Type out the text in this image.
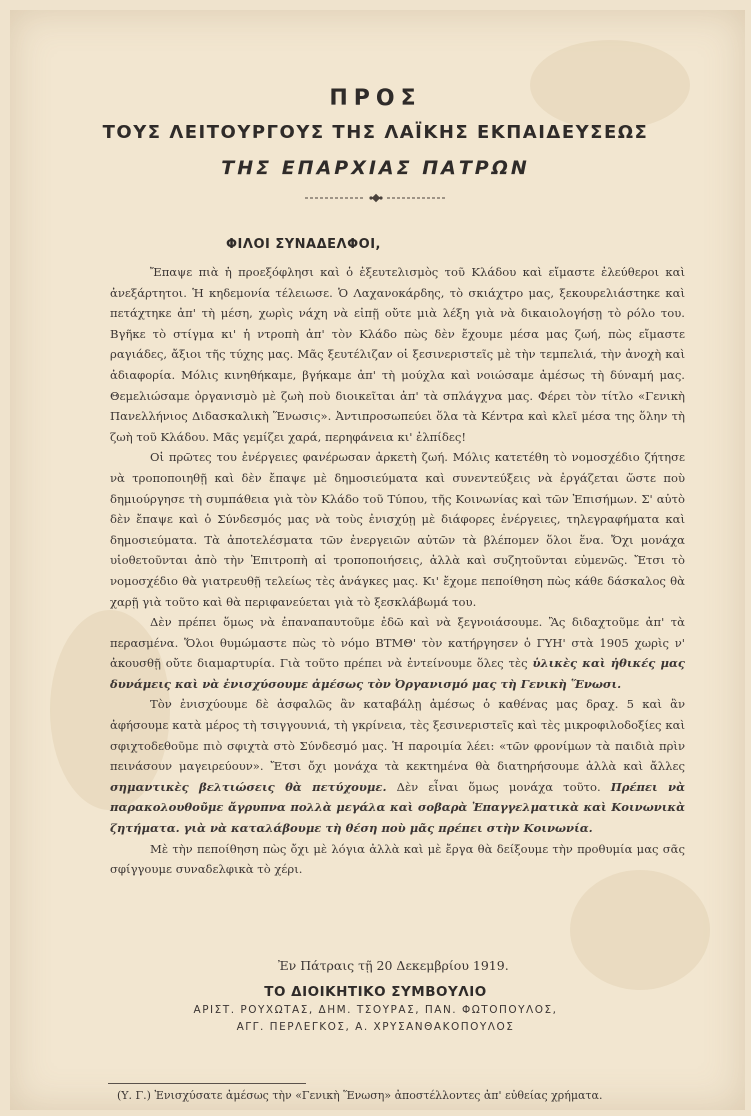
ΠΡΟΣ
ΤΟΥΣ ΛΕΙΤΟΥΡΓΟΥΣ ΤΗΣ ΛΑΪΚΗΣ ΕΚΠΑΙΔΕΥΣΕΩΣ
ΤΗΣ ΕΠΑΡΧΙΑΣ ΠΑΤΡΩΝ
ΦΙΛΟΙ ΣΥΝΑΔΕΛΦΟΙ,

Ἔπαψε πιὰ ἡ προεξόφλησι καὶ ὁ ἐξευτελισμὸς τοῦ Κλάδου καὶ εἴμαστε ἐλεύθεροι καὶ ἀνεξάρτητοι. Ἡ κηδεμονία τέλειωσε. Ὁ Λαχανοκάρδης, τὸ σκιάχτρο μας, ξεκουρελιάστηκε καὶ πετάχτηκε ἀπ' τὴ μέση, χωρὶς νάχη νὰ εἰπῇ οὔτε μιὰ λέξη γιὰ νὰ δικαιολογήσῃ τὸ ρόλο του. Βγῆκε τὸ στίγμα κι' ἡ ντροπὴ ἀπ' τὸν Κλάδο πὼς δὲν ἔχουμε μέσα μας ζωή, πὼς εἴμαστε ραγιάδες, ἄξιοι τῆς τύχης μας. Μᾶς ξευτέλιζαν οἱ ξεσινεριστεῖς μὲ τὴν τεμπελιά, τὴν ἀνοχὴ καὶ ἀδιαφορία. Μόλις κινηθήκαμε, βγήκαμε ἀπ' τὴ μούχλα καὶ νοιώσαμε ἀμέσως τὴ δύναμή μας. Θεμελιώσαμε ὀργανισμὸ μὲ ζωὴ ποὺ διοικεῖται ἀπ' τὰ σπλάγχνα μας. Φέρει τὸν τίτλο «Γενικὴ Πανελλήνιος Διδασκαλικὴ Ἕνωσις». Ἀντιπροσωπεύει ὅλα τὰ Κέντρα καὶ κλεῖ μέσα της ὅλην τὴ ζωὴ τοῦ Κλάδου. Μᾶς γεμίζει χαρά, περηφάνεια κι' ἐλπίδες!

Οἱ πρῶτες του ἐνέργειες φανέρωσαν ἀρκετὴ ζωή. Μόλις κατετέθη τὸ νομοσχέδιο ζήτησε νὰ τροποποιηθῇ καὶ δὲν ἔπαψε μὲ δημοσιεύματα καὶ συνεντεύξεις νὰ ἐργάζεται ὥστε ποὺ δημιούργησε τὴ συμπάθεια γιὰ τὸν Κλάδο τοῦ Τύπου, τῆς Κοινωνίας καὶ τῶν Ἐπισήμων. Σ' αὐτὸ δὲν ἔπαψε καὶ ὁ Σύνδεσμός μας νὰ τοὺς ἐνισχύῃ μὲ διάφορες ἐνέργειες, τηλεγραφήματα καὶ δημοσιεύματα. Τὰ ἀποτελέσματα τῶν ἐνεργειῶν αὐτῶν τὰ βλέπομεν ὅλοι ἕνα. Ὄχι μονάχα υἱοθετοῦνται ἀπὸ τὴν Ἐπιτροπὴ αἱ τροποποιήσεις, ἀλλὰ καὶ συζητοῦνται εὐμενῶς. Ἔτσι τὸ νομοσχέδιο θὰ γιατρευθῇ τελείως τὲς ἀνάγκες μας. Κι' ἔχομε πεποίθηση πὼς κάθε δάσκαλος θὰ χαρῇ γιὰ τοῦτο καὶ θὰ περιφανεύεται γιὰ τὸ ξεσκλάβωμά του.

Δὲν πρέπει ὅμως νὰ ἐπαναπαυτοῦμε ἐδῶ καὶ νὰ ξεγνοιάσουμε. Ἂς διδαχτοῦμε ἀπ' τὰ περασμένα. Ὅλοι θυμώμαστε πὼς τὸ νόμο ΒΤΜΘ' τὸν κατήργησεν ὁ ΓΥΗ' στὰ 1905 χωρὶς ν' ἀκουσθῇ οὔτε διαμαρτυρία. Γιὰ τοῦτο πρέπει νὰ ἐντείνουμε ὅλες τὲς ὑλικὲς καὶ ἠθικές μας δυνάμεις καὶ νὰ ἐνισχύσουμε ἀμέσως τὸν Ὀργανισμό μας τὴ Γενικὴ Ἕνωσι.

Τὸν ἐνισχύουμε δὲ ἀσφαλῶς ἂν καταβάλῃ ἀμέσως ὁ καθένας μας δραχ. 5 καὶ ἂν ἀφήσουμε κατὰ μέρος τὴ τσιγγουνιά, τὴ γκρίνεια, τὲς ξεσινεριστεῖς καὶ τὲς μικροφιλοδοξίες καὶ σφιχτοδεθοῦμε πιὸ σφιχτὰ στὸ Σύνδεσμό μας. Ἡ παροιμία λέει: «τῶν φρονίμων τὰ παιδιὰ πρὶν πεινάσουν μαγειρεύουν». Ἔτσι ὄχι μονάχα τὰ κεκτημένα θὰ διατηρήσουμε ἀλλὰ καὶ ἄλλες σημαντικὲς βελτιώσεις θὰ πετύχουμε. Δὲν εἶναι ὅμως μονάχα τοῦτο. Πρέπει νὰ παρακολουθοῦμε ἄγρυπνα πολλὰ μεγάλα καὶ σοβαρὰ Ἐπαγγελματικὰ καὶ Κοινωνικὰ ζητήματα. γιὰ νὰ καταλάβουμε τὴ θέση ποὺ μᾶς πρέπει στὴν Κοινωνία.

Μὲ τὴν πεποίθηση πὼς ὄχι μὲ λόγια ἀλλὰ καὶ μὲ ἔργα θὰ δείξουμε τὴν προθυμία μας σᾶς σφίγγουμε συναδελφικὰ τὸ χέρι.

Ἐν Πάτραις τῇ 20 Δεκεμβρίου 1919.
ΤΟ ΔΙΟΙΚΗΤΙΚΟ ΣΥΜΒΟΥΛΙΟ
ΑΡΙΣΤ. ΡΟΥΧΩΤΑΣ, ΔΗΜ. ΤΣΟΥΡΑΣ, ΠΑΝ. ΦΩΤΟΠΟΥΛΟΣ,
ΑΓΓ. ΠΕΡΛΕΓΚΟΣ, Α. ΧΡΥΣΑΝΘΑΚΟΠΟΥΛΟΣ
(Υ. Γ.) Ἐνισχύσατε ἀμέσως τὴν «Γενικὴ Ἕνωση» ἀποστέλλοντες ἀπ' εὐθείας χρήματα.
